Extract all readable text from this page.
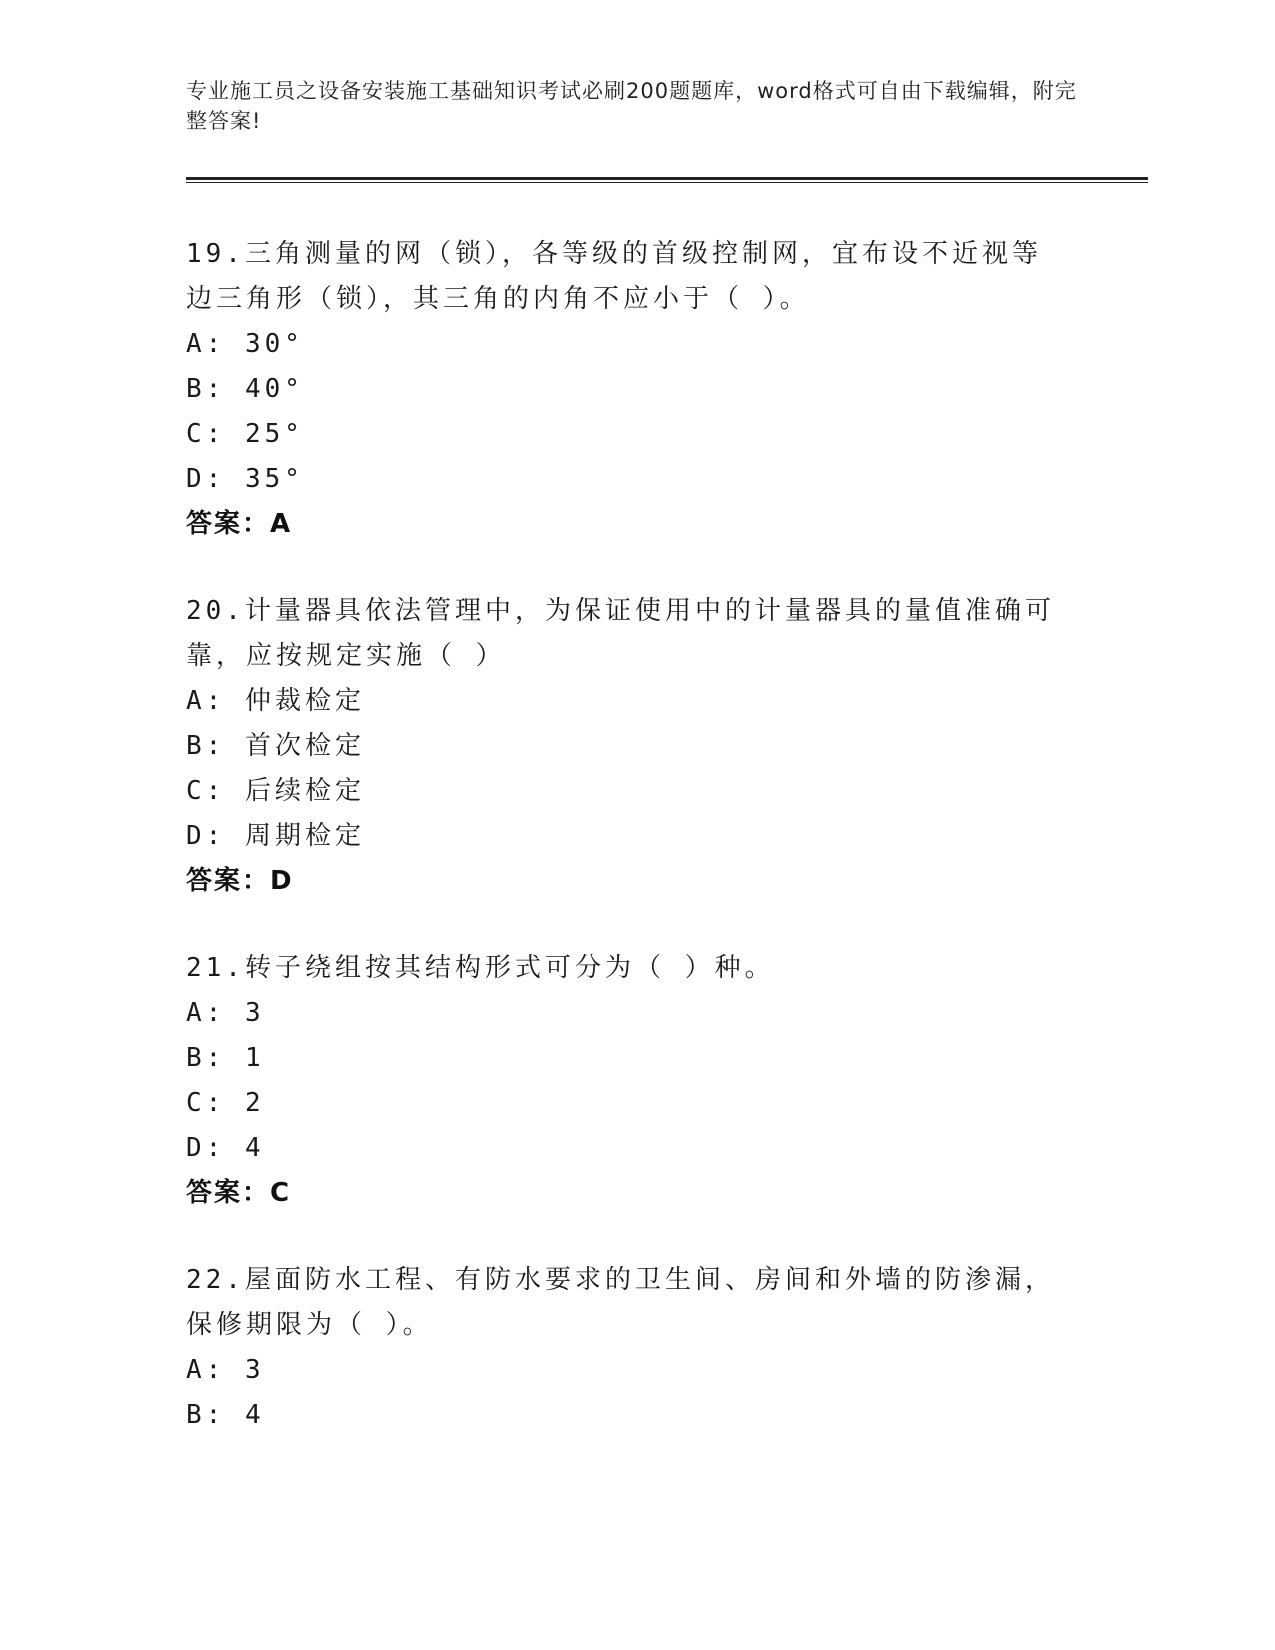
专业施工员之设备安装施工基础知识考试必刷200题题库，word格式可自由下载编辑，附完整答案!
19.三角测量的网（锁），各等级的首级控制网，宜布设不近视等边三角形（锁），其三角的内角不应小于（ ）。
A: 30°
B: 40°
C: 25°
D: 35°
答案：A
20.计量器具依法管理中，为保证使用中的计量器具的量值准确可靠，应按规定实施（ ）
A: 仲裁检定
B: 首次检定
C: 后续检定
D: 周期检定
答案：D
21.转子绕组按其结构形式可分为（ ）种。
A: 3
B: 1
C: 2
D: 4
答案：C
22.屋面防水工程、有防水要求的卫生间、房间和外墙的防渗漏，保修期限为（ ）。
A: 3
B: 4
